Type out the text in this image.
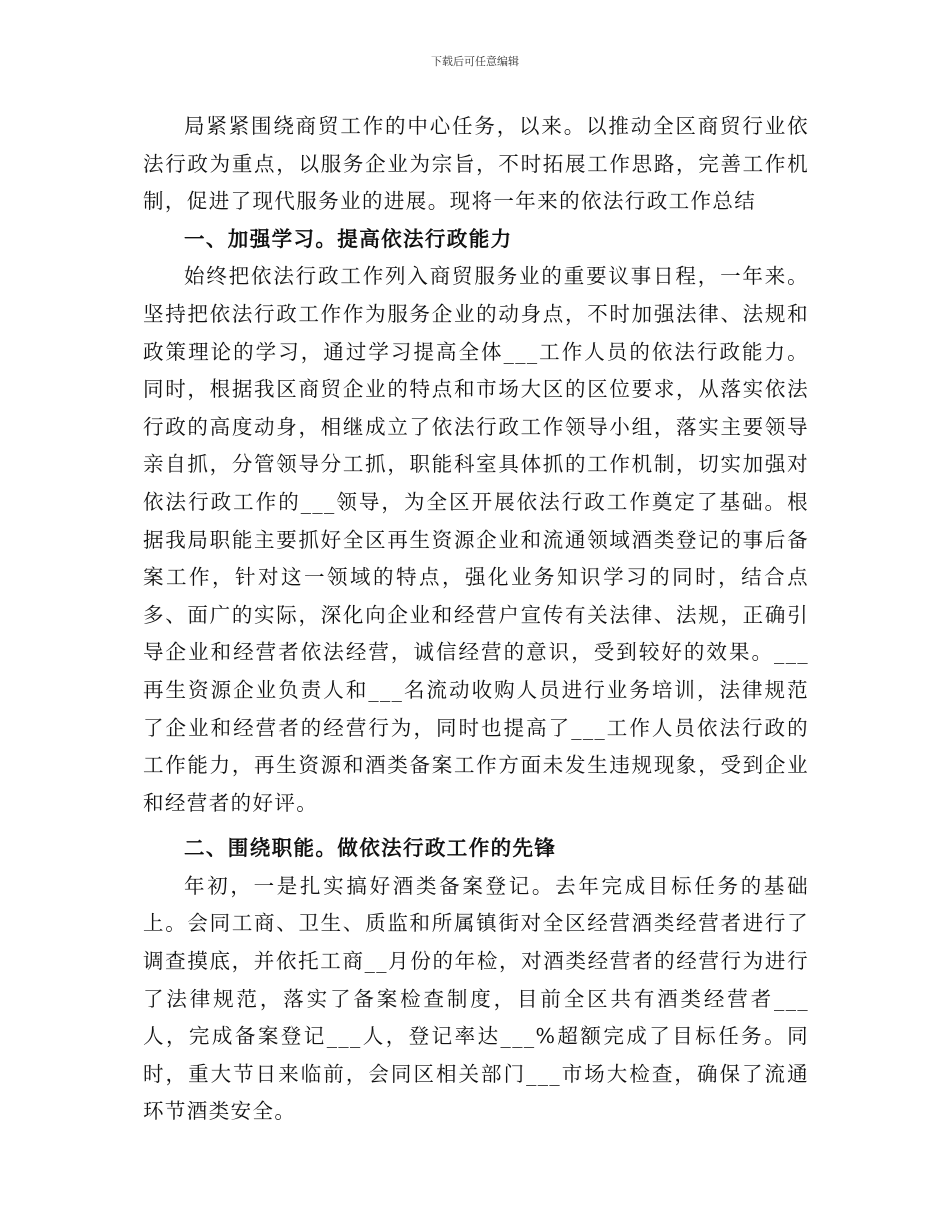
下载后可任意编辑

局紧紧围绕商贸工作的中心任务，以来。以推动全区商贸行业依法行政为重点，以服务企业为宗旨，不时拓展工作思路，完善工作机制，促进了现代服务业的进展。现将一年来的依法行政工作总结

一、加强学习。提高依法行政能力

始终把依法行政工作列入商贸服务业的重要议事日程，一年来。坚持把依法行政工作作为服务企业的动身点，不时加强法律、法规和政策理论的学习，通过学习提高全体___工作人员的依法行政能力。同时，根据我区商贸企业的特点和市场大区的区位要求，从落实依法行政的高度动身，相继成立了依法行政工作领导小组，落实主要领导亲自抓，分管领导分工抓，职能科室具体抓的工作机制，切实加强对依法行政工作的___领导，为全区开展依法行政工作奠定了基础。根据我局职能主要抓好全区再生资源企业和流通领域酒类登记的事后备案工作，针对这一领域的特点，强化业务知识学习的同时，结合点多、面广的实际，深化向企业和经营户宣传有关法律、法规，正确引导企业和经营者依法经营，诚信经营的意识，受到较好的效果。___再生资源企业负责人和___名流动收购人员进行业务培训，法律规范了企业和经营者的经营行为，同时也提高了___工作人员依法行政的工作能力，再生资源和酒类备案工作方面未发生违规现象，受到企业和经营者的好评。

二、围绕职能。做依法行政工作的先锋

年初，一是扎实搞好酒类备案登记。去年完成目标任务的基础上。会同工商、卫生、质监和所属镇街对全区经营酒类经营者进行了调查摸底，并依托工商__月份的年检，对酒类经营者的经营行为进行了法律规范，落实了备案检查制度，目前全区共有酒类经营者___人，完成备案登记___人，登记率达___%超额完成了目标任务。同时，重大节日来临前，会同区相关部门___市场大检查，确保了流通环节酒类安全。
